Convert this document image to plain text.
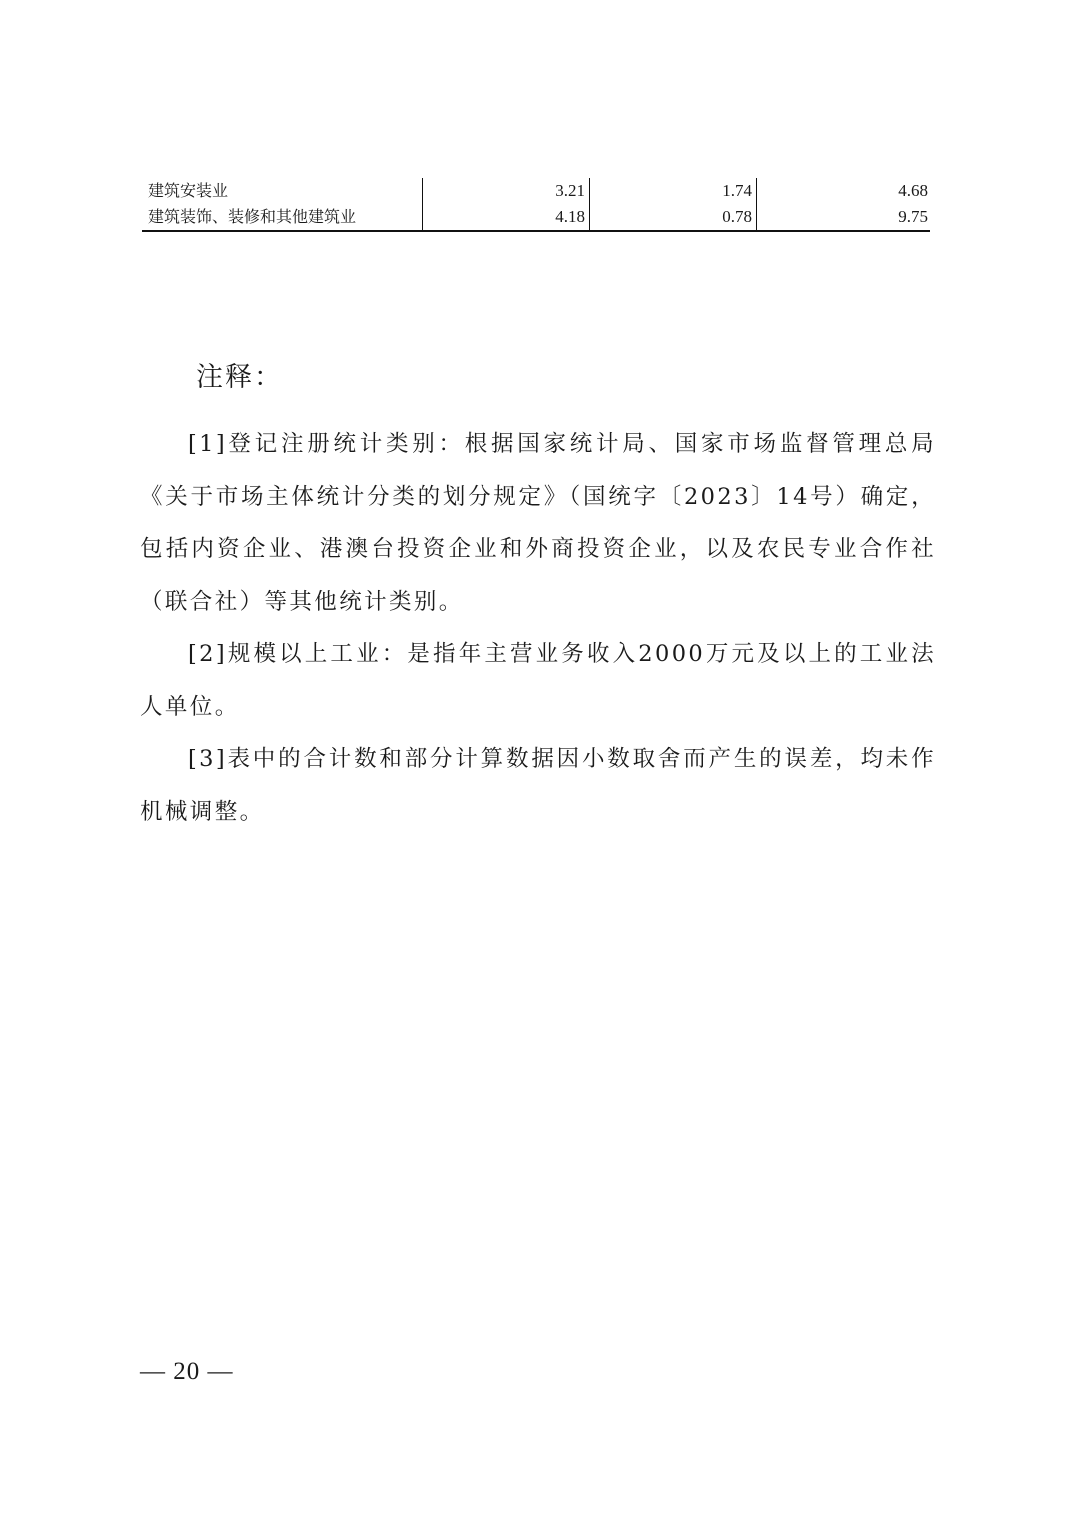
建筑安装业	3.21	1.74	4.68
建筑装饰、装修和其他建筑业	4.18	0.78	9.75
注释：

[1]登记注册统计类别：根据国家统计局、国家市场监督管理总局《关于市场主体统计分类的划分规定》（国统字〔2023〕14号）确定，包括内资企业、港澳台投资企业和外商投资企业，以及农民专业合作社（联合社）等其他统计类别。

[2]规模以上工业：是指年主营业务收入2000万元及以上的工业法人单位。

[3]表中的合计数和部分计算数据因小数取舍而产生的误差，均未作机械调整。

— 20 —
